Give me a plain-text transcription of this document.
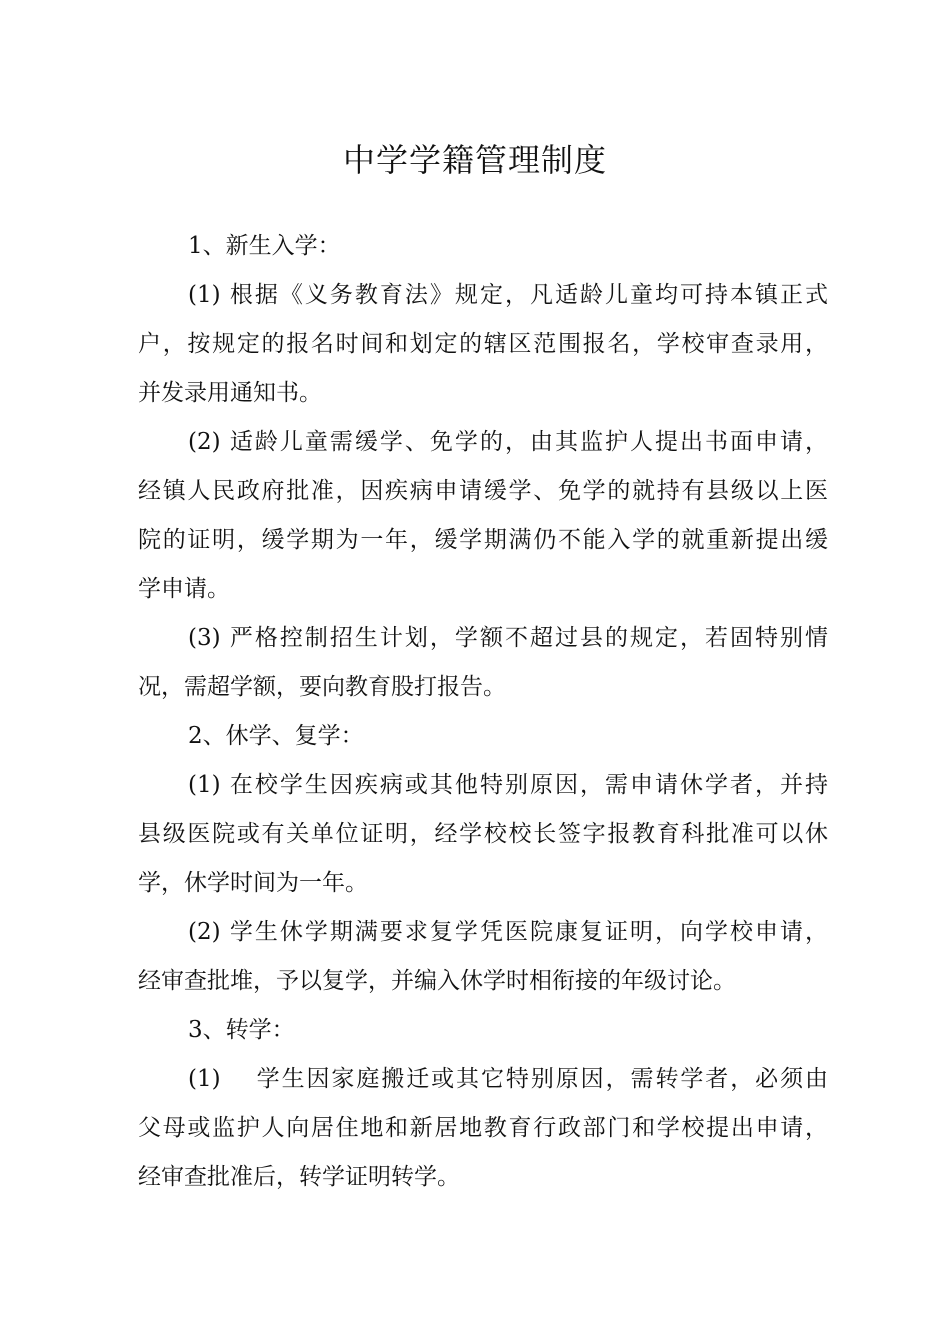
中学学籍管理制度

1、新生入学：

(1) 根据《义务教育法》规定，凡适龄儿童均可持本镇正式
户，按规定的报名时间和划定的辖区范围报名，学校审查录用，
并发录用通知书。
(2) 适龄儿童需缓学、免学的，由其监护人提出书面申请，
经镇人民政府批准，因疾病申请缓学、免学的就持有县级以上医
院的证明，缓学期为一年，缓学期满仍不能入学的就重新提出缓
学申请。
(3) 严格控制招生计划，学额不超过县的规定，若固特别情
况，需超学额，要向教育股打报告。

2、休学、复学：

(1) 在校学生因疾病或其他特别原因，需申请休学者，并持
县级医院或有关单位证明，经学校校长签字报教育科批准可以休
学，休学时间为一年。
(2) 学生休学期满要求复学凭医院康复证明，向学校申请，
经审查批堆，予以复学，并编入休学时相衔接的年级讨论。

3、转学：

(1)　 学生因家庭搬迁或其它特别原因，需转学者，必须由
父母或监护人向居住地和新居地教育行政部门和学校提出申请，
经审查批准后，转学证明转学。
